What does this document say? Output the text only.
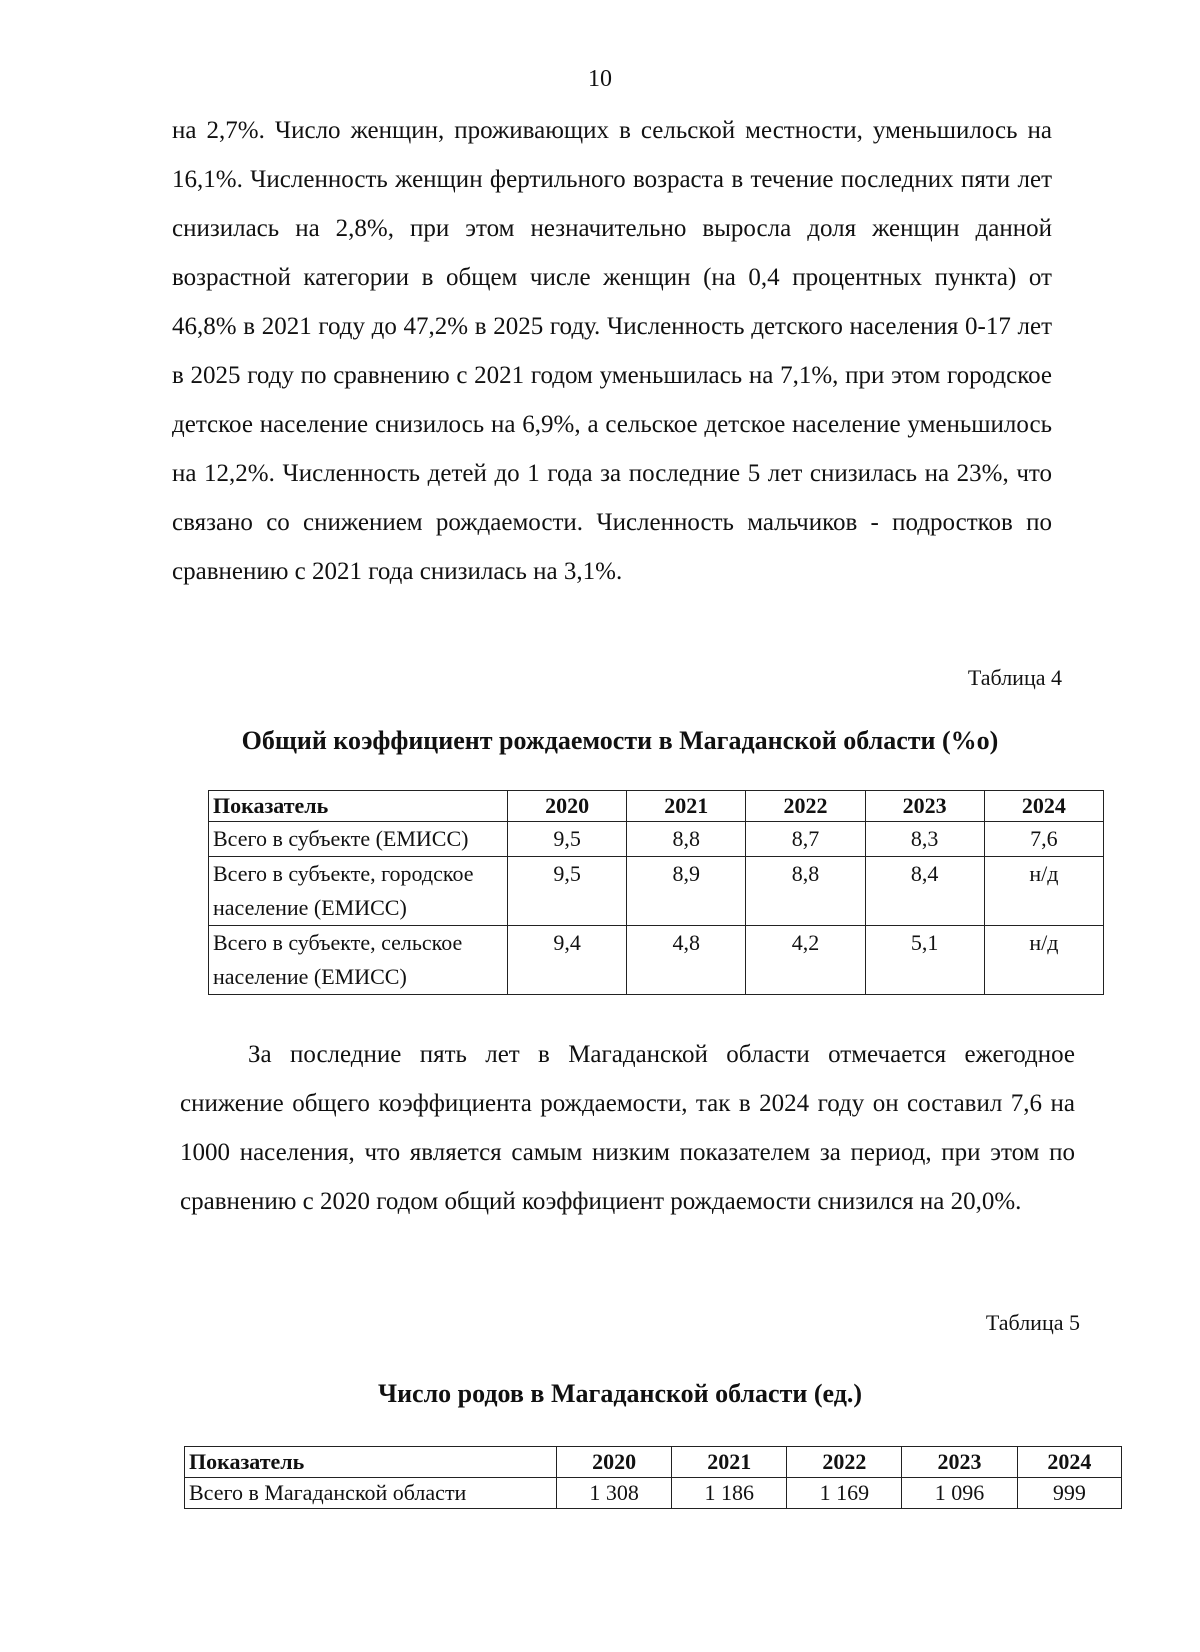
10

на 2,7%. Число женщин, проживающих в сельской местности, уменьшилось на 16,1%. Численность женщин фертильного возраста в течение последних пяти лет снизилась на 2,8%, при этом незначительно выросла доля женщин данной возрастной категории в общем числе женщин (на 0,4 процентных пункта) от 46,8% в 2021 году до 47,2% в 2025 году. Численность детского населения 0-17 лет в 2025 году по сравнению с 2021 годом уменьшилась на 7,1%, при этом городское детское население снизилось на 6,9%, а сельское детское население уменьшилось на 12,2%. Численность детей до 1 года за последние 5 лет снизилась на 23%, что связано со снижением рождаемости. Численность мальчиков - подростков по сравнению с 2021 года снизилась на 3,1%.

Таблица 4
Общий коэффициент рождаемости в Магаданской области (%о)
Показатель	2020	2021	2022	2023	2024
Всего в субъекте (ЕМИСС)	9,5	8,8	8,7	8,3	7,6
Всего в субъекте, городское население (ЕМИСС)	9,5	8,9	8,8	8,4	н/д
Всего в субъекте, сельское население (ЕМИСС)	9,4	4,8	4,2	5,1	н/д

За последние пять лет в Магаданской области отмечается ежегодное снижение общего коэффициента рождаемости, так в 2024 году он составил 7,6 на 1000 населения, что является самым низким показателем за период, при этом по сравнению с 2020 годом общий коэффициент рождаемости снизился на 20,0%.

Таблица 5
Число родов в Магаданской области (ед.)
Показатель	2020	2021	2022	2023	2024
Всего в Магаданской области	1 308	1 186	1 169	1 096	999
